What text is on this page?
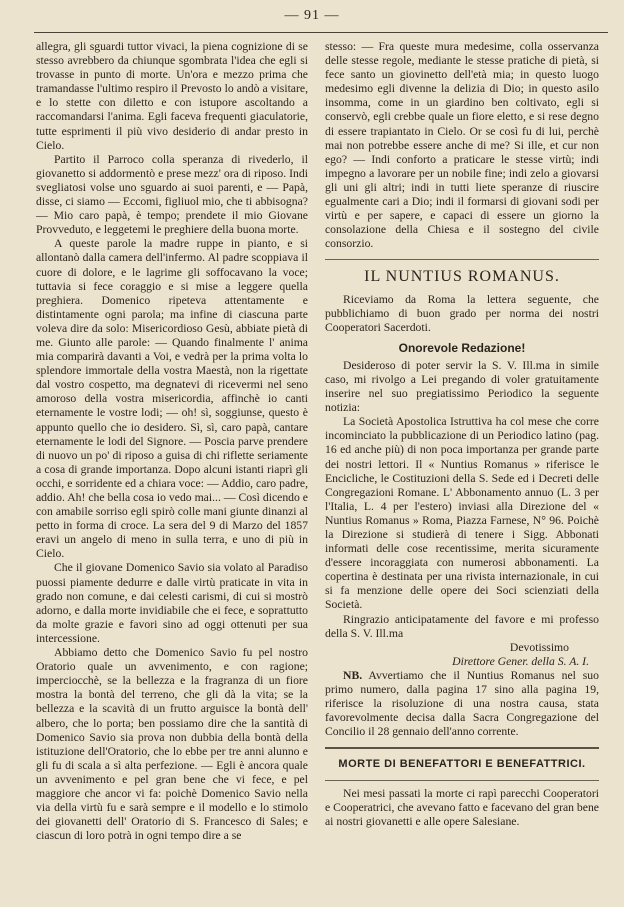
— 91 —

allegra, gli sguardi tuttor vivaci, la piena cognizione di se stesso avrebbero da chiunque sgombrata l'idea che egli si trovasse in punto di morte. Un'ora e mezzo prima che tramandasse l'ultimo respiro il Prevosto lo andò a visitare, e lo stette con diletto e con istupore ascoltando a raccomandarsi l'anima. Egli faceva frequenti giaculatorie, tutte esprimenti il più vivo desiderio di andar presto in Cielo.

Partito il Parroco colla speranza di rivederlo, il giovanetto si addormentò e prese mezz' ora di riposo. Indi svegliatosi volse uno sguardo ai suoi parenti, e — Papà, disse, ci siamo — Eccomi, figliuol mio, che ti abbisogna? — Mio caro papà, è tempo; prendete il mio Giovane Provveduto, e leggetemi le preghiere della buona morte.

A queste parole la madre ruppe in pianto, e si allontanò dalla camera dell'infermo. Al padre scoppiava il cuore di dolore, e le lagrime gli soffocavano la voce; tuttavia si fece coraggio e si mise a leggere quella preghiera. Domenico ripeteva attentamente e distintamente ogni parola; ma infine di ciascuna parte voleva dire da solo: Misericordioso Gesù, abbiate pietà di me. Giunto alle parole: — Quando finalmente l' anima mia comparirà davanti a Voi, e vedrà per la prima volta lo splendore immortale della vostra Maestà, non la rigettate dal vostro cospetto, ma degnatevi di ricevermi nel seno amoroso della vostra misericordia, affinchè io canti eternamente le vostre lodi; — oh! sì, soggiunse, questo è appunto quello che io desidero. Sì, sì, caro papà, cantare eternamente le lodi del Signore. — Poscia parve prendere di nuovo un po' di riposo a guisa di chi riflette seriamente a cosa di grande importanza. Dopo alcuni istanti riaprì gli occhi, e sorridente ed a chiara voce: — Addio, caro padre, addio. Ah! che bella cosa io vedo mai... — Così dicendo e con amabile sorriso egli spirò colle mani giunte dinanzi al petto in forma di croce. La sera del 9 di Marzo del 1857 eravi un angelo di meno in sulla terra, e uno di più in Cielo.

Che il giovane Domenico Savio sia volato al Paradiso puossi piamente dedurre e dalle virtù praticate in vita in grado non comune, e dai celesti carismi, di cui si mostrò adorno, e dalla morte invidiabile che ei fece, e soprattutto da molte grazie e favori sino ad oggi ottenuti per sua intercessione.

Abbiamo detto che Domenico Savio fu pel nostro Oratorio quale un avvenimento, e con ragione; imperciocchè, se la bellezza e la fragranza di un fiore mostra la bontà del terreno, che gli dà la vita; se la bellezza e la scavità di un frutto arguisce la bontà dell' albero, che lo porta; ben possiamo dire che la santità di Domenico Savio sia prova non dubbia della bontà della istituzione dell'Oratorio, che lo ebbe per tre anni alunno e gli fu di scala a sì alta perfezione. — Egli è ancora quale un avvenimento e pel gran bene che vi fece, e pel maggiore che ancor vi fa: poichè Domenico Savio nella via della virtù fu e sarà sempre e il modello e lo stimolo dei giovanetti dell' Oratorio di S. Francesco di Sales; e ciascun di loro potrà in ogni tempo dire a se

stesso: — Fra queste mura medesime, colla osservanza delle stesse regole, mediante le stesse pratiche di pietà, si fece santo un giovinetto dell'età mia; in questo luogo medesimo egli divenne la delizia di Dio; in questo asilo insomma, come in un giardino ben coltivato, egli si conservò, egli crebbe quale un fiore eletto, e si rese degno di essere trapiantato in Cielo. Or se così fu di lui, perchè mai non potrebbe essere anche di me? Si ille, et cur non ego? — Indi conforto a praticare le stesse virtù; indi impegno a lavorare per un nobile fine; indi zelo a giovarsi gli uni gli altri; indi in tutti liete speranze di riuscire egualmente cari a Dio; indi il formarsi di giovani sodi per virtù e per sapere, e capaci di essere un giorno la consolazione della Chiesa e il sostegno del civile consorzio.

IL NUNTIUS ROMANUS.

Riceviamo da Roma la lettera seguente, che pubblichiamo di buon grado per norma dei nostri Cooperatori Sacerdoti.

Onorevole Redazione!

Desideroso di poter servir la S. V. Ill.ma in simile caso, mi rivolgo a Lei pregando di voler gratuitamente inserire nel suo pregiatissimo Periodico la seguente notizia:

La Società Apostolica Istruttiva ha col mese che corre incominciato la pubblicazione di un Periodico latino (pag. 16 ed anche più) di non poca importanza per grande parte dei nostri lettori. Il « Nuntius Romanus » riferisce le Encicliche, le Costituzioni della S. Sede ed i Decreti delle Congregazioni Romane. L' Abbonamento annuo (L. 3 per l'Italia, L. 4 per l'estero) inviasi alla Direzione del « Nuntius Romanus » Roma, Piazza Farnese, N° 96. Poichè la Direzione si studierà di tenere i Sigg. Abbonati informati delle cose recentissime, merita sicuramente d'essere incoraggiata con numerosi abbonamenti. La copertina è destinata per una rivista internazionale, in cui si fa menzione delle opere dei Soci scienziati della Società.

Ringrazio anticipatamente del favore e mi professo della S. V. Ill.ma

Devotissimo
Direttore Gener. della S. A. I.

NB. Avvertiamo che il Nuntius Romanus nel suo primo numero, dalla pagina 17 sino alla pagina 19, riferisce la risoluzione di una nostra causa, stata favorevolmente decisa dalla Sacra Congregazione del Concilio il 28 gennaio dell'anno corrente.

MORTE DI BENEFATTORI E BENEFATTRICI.

Nei mesi passati la morte ci rapì parecchi Cooperatori e Cooperatrici, che avevano fatto e facevano del gran bene ai nostri giovanetti e alle opere Salesiane.
